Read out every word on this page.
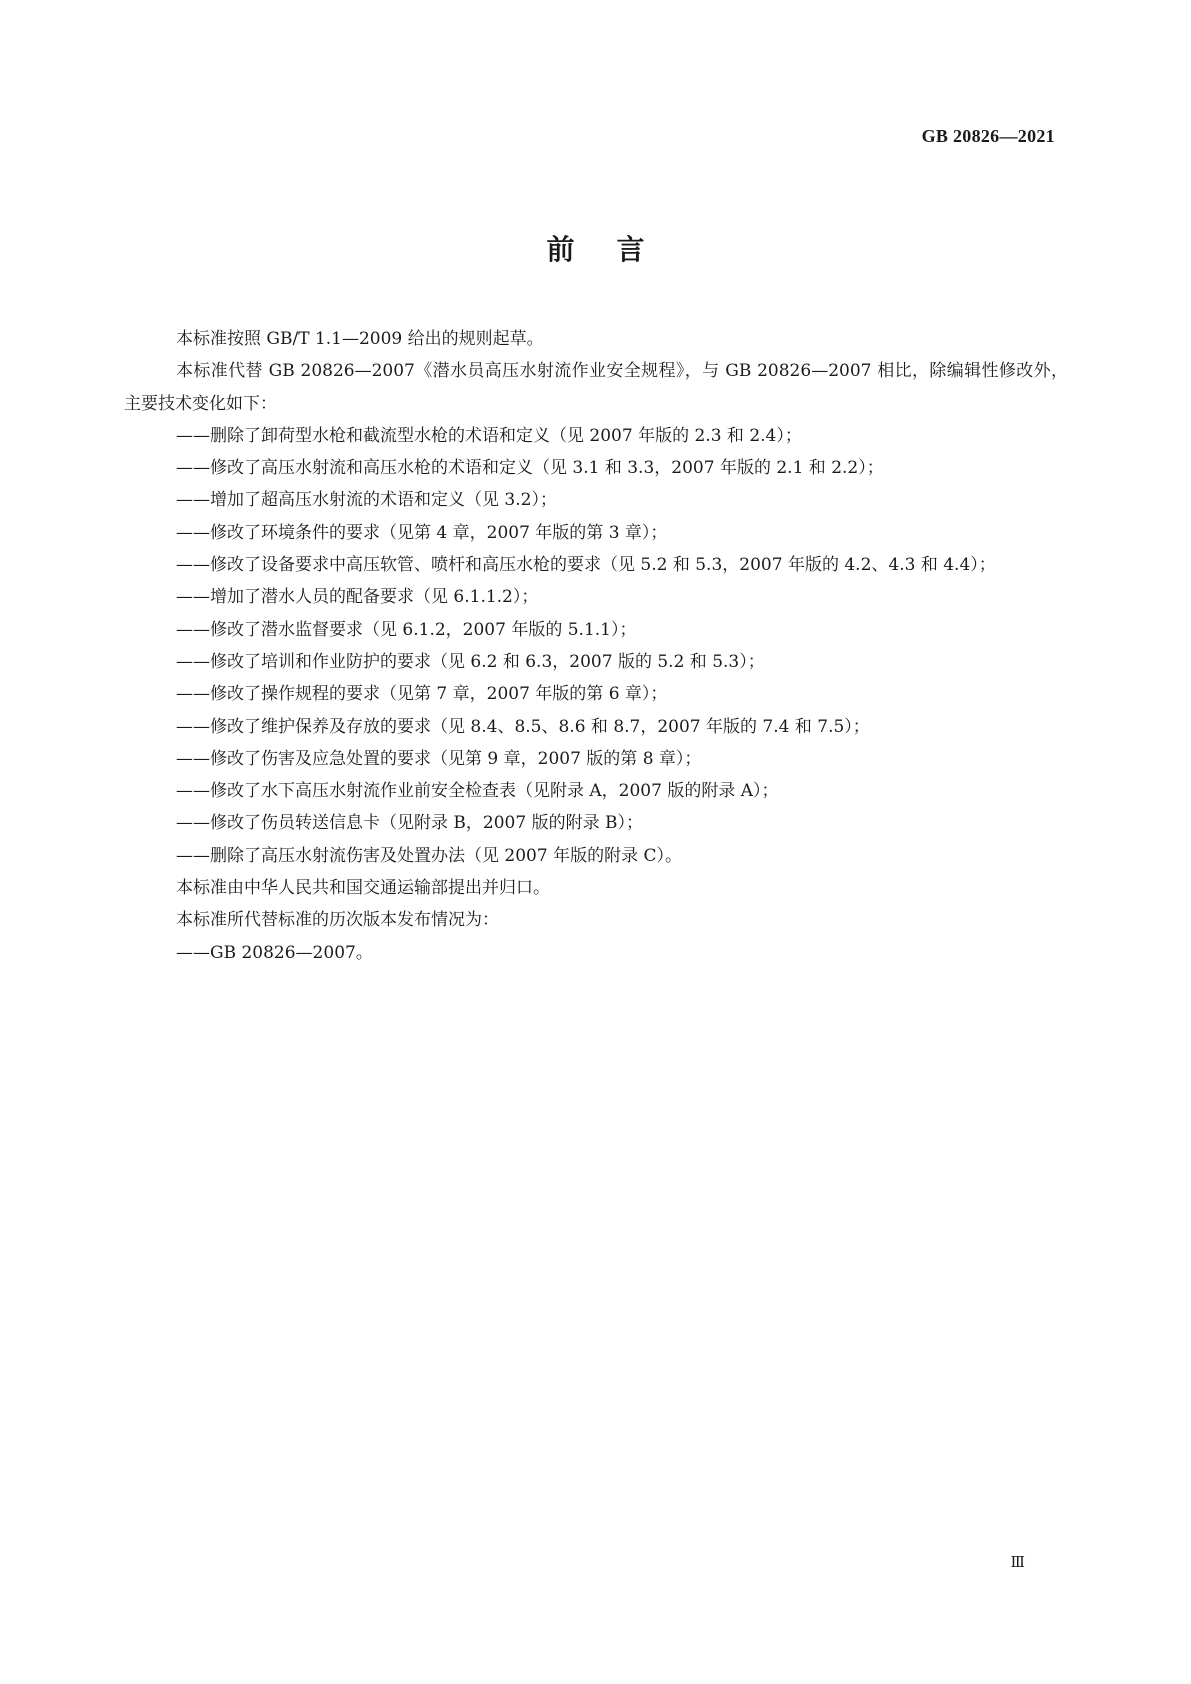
GB 20826—2021
前言

本标准按照 GB/T 1.1—2009 给出的规则起草。

本标准代替 GB 20826—2007《潜水员高压水射流作业安全规程》，与 GB 20826—2007 相比，除编辑性修改外，主要技术变化如下：

——删除了卸荷型水枪和截流型水枪的术语和定义（见 2007 年版的 2.3 和 2.4）；

——修改了高压水射流和高压水枪的术语和定义（见 3.1 和 3.3，2007 年版的 2.1 和 2.2）；

——增加了超高压水射流的术语和定义（见 3.2）；

——修改了环境条件的要求（见第 4 章，2007 年版的第 3 章）；

——修改了设备要求中高压软管、喷杆和高压水枪的要求（见 5.2 和 5.3，2007 年版的 4.2、4.3 和 4.4）；

——增加了潜水人员的配备要求（见 6.1.1.2）；

——修改了潜水监督要求（见 6.1.2，2007 年版的 5.1.1）；

——修改了培训和作业防护的要求（见 6.2 和 6.3，2007 版的 5.2 和 5.3）；

——修改了操作规程的要求（见第 7 章，2007 年版的第 6 章）；

——修改了维护保养及存放的要求（见 8.4、8.5、8.6 和 8.7，2007 年版的 7.4 和 7.5）；

——修改了伤害及应急处置的要求（见第 9 章，2007 版的第 8 章）；

——修改了水下高压水射流作业前安全检查表（见附录 A，2007 版的附录 A）；

——修改了伤员转送信息卡（见附录 B，2007 版的附录 B）；

——删除了高压水射流伤害及处置办法（见 2007 年版的附录 C）。

本标准由中华人民共和国交通运输部提出并归口。

本标准所代替标准的历次版本发布情况为：

——GB 20826—2007。

Ⅲ
